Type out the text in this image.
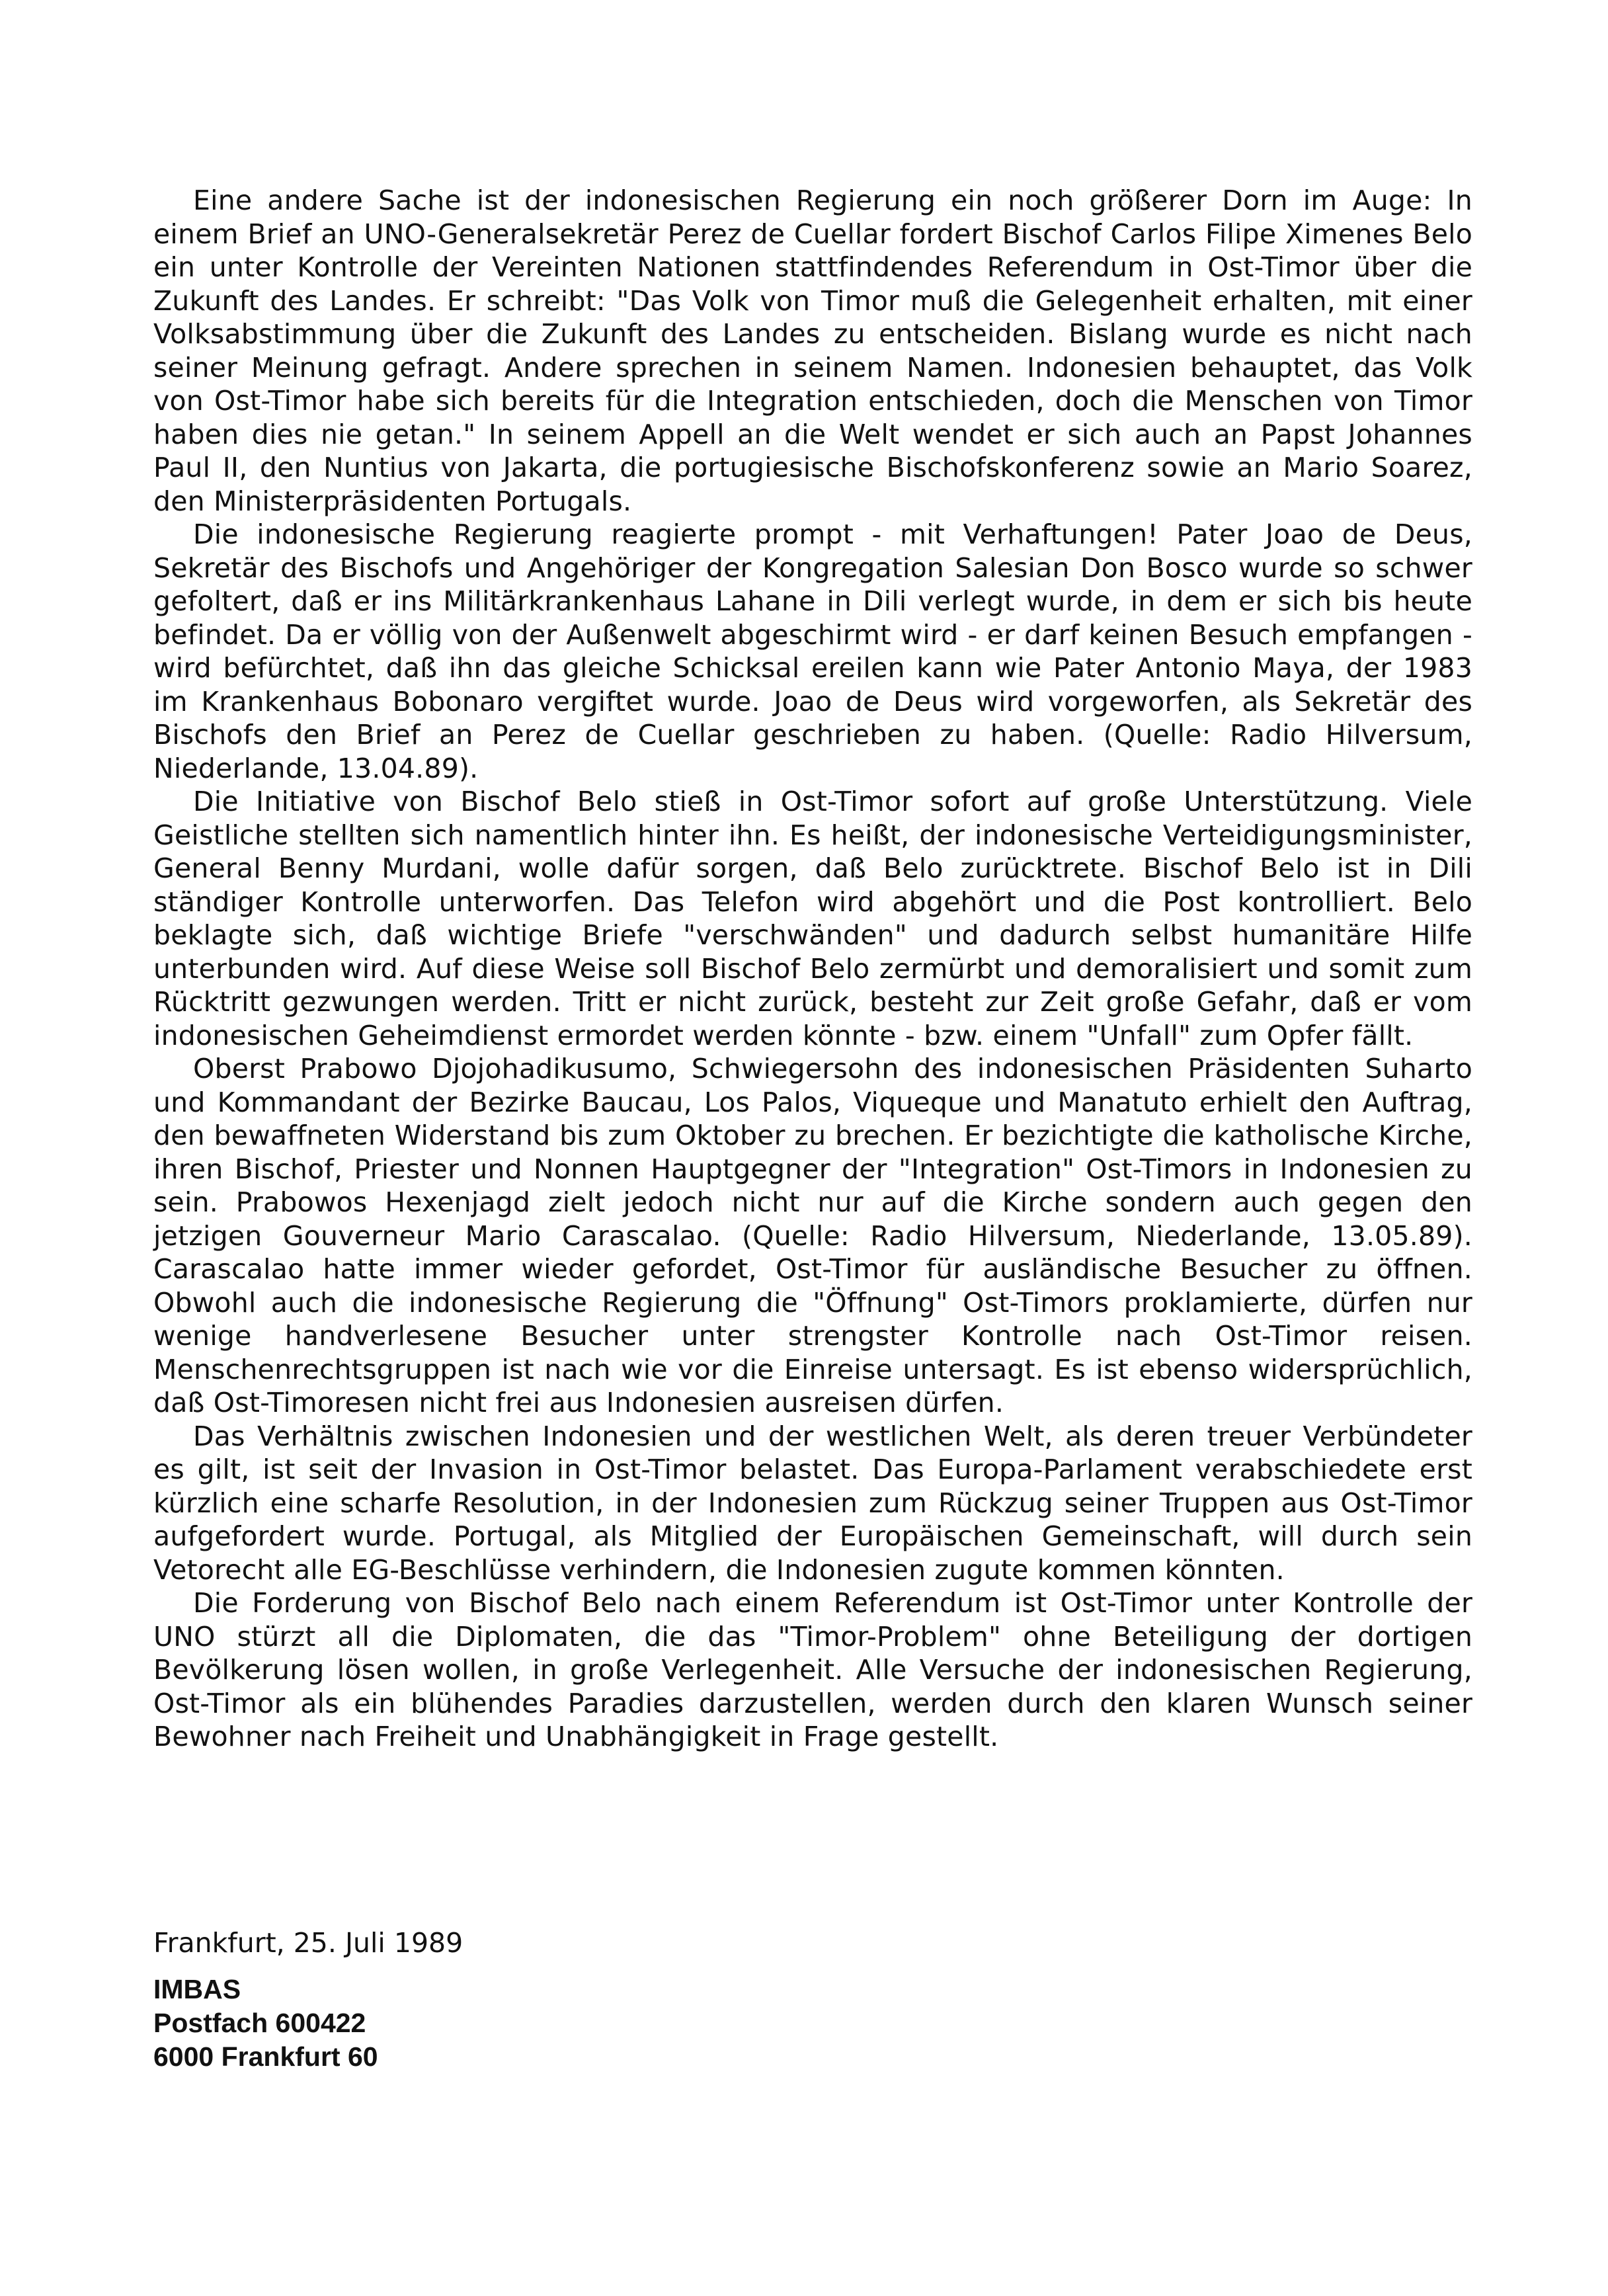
Eine andere Sache ist der indonesischen Regierung ein noch größerer Dorn im Auge: In einem Brief an UNO-Generalsekretär Perez de Cuellar fordert Bischof Carlos Filipe Ximenes Belo ein unter Kontrolle der Vereinten Nationen stattfindendes Referendum in Ost-Timor über die Zukunft des Landes. Er schreibt: "Das Volk von Timor muß die Gelegenheit erhalten, mit einer Volksabstimmung über die Zukunft des Landes zu entscheiden. Bislang wurde es nicht nach seiner Meinung gefragt. Andere sprechen in seinem Namen. Indonesien behauptet, das Volk von Ost-Timor habe sich bereits für die Integration entschieden, doch die Menschen von Timor haben dies nie getan." In seinem Appell an die Welt wendet er sich auch an Papst Johannes Paul II, den Nuntius von Jakarta, die portugiesische Bischofskonferenz sowie an Mario Soarez, den Ministerpräsidenten Portugals.

Die indonesische Regierung reagierte prompt - mit Verhaftungen! Pater Joao de Deus, Sekretär des Bischofs und Angehöriger der Kongregation Salesian Don Bosco wurde so schwer gefoltert, daß er ins Militärkrankenhaus Lahane in Dili verlegt wurde, in dem er sich bis heute befindet. Da er völlig von der Außenwelt abgeschirmt wird - er darf keinen Besuch empfangen - wird befürchtet, daß ihn das gleiche Schicksal ereilen kann wie Pater Antonio Maya, der 1983 im Krankenhaus Bobonaro vergiftet wurde. Joao de Deus wird vorgeworfen, als Sekretär des Bischofs den Brief an Perez de Cuellar geschrieben zu haben. (Quelle: Radio Hilversum, Niederlande, 13.04.89).

Die Initiative von Bischof Belo stieß in Ost-Timor sofort auf große Unterstützung. Viele Geistliche stellten sich namentlich hinter ihn. Es heißt, der indonesische Verteidigungsminister, General Benny Murdani, wolle dafür sorgen, daß Belo zurücktrete. Bischof Belo ist in Dili ständiger Kontrolle unterworfen. Das Telefon wird abgehört und die Post kontrolliert. Belo beklagte sich, daß wichtige Briefe "verschwänden" und dadurch selbst humanitäre Hilfe unterbunden wird. Auf diese Weise soll Bischof Belo zermürbt und demoralisiert und somit zum Rücktritt gezwungen werden. Tritt er nicht zurück, besteht zur Zeit große Gefahr, daß er vom indonesischen Geheimdienst ermordet werden könnte - bzw. einem "Unfall" zum Opfer fällt.

Oberst Prabowo Djojohadikusumo, Schwiegersohn des indonesischen Präsidenten Suharto und Kommandant der Bezirke Baucau, Los Palos, Viqueque und Manatuto erhielt den Auftrag, den bewaffneten Widerstand bis zum Oktober zu brechen. Er bezichtigte die katholische Kirche, ihren Bischof, Priester und Nonnen Hauptgegner der "Integration" Ost-Timors in Indonesien zu sein. Prabowos Hexenjagd zielt jedoch nicht nur auf die Kirche sondern auch gegen den jetzigen Gouverneur Mario Carascalao. (Quelle: Radio Hilversum, Niederlande, 13.05.89). Carascalao hatte immer wieder gefordet, Ost-Timor für ausländische Besucher zu öffnen. Obwohl auch die indonesische Regierung die "Öffnung" Ost-Timors proklamierte, dürfen nur wenige handverlesene Besucher unter strengster Kontrolle nach Ost-Timor reisen. Menschenrechtsgruppen ist nach wie vor die Einreise untersagt. Es ist ebenso widersprüchlich, daß Ost-Timoresen nicht frei aus Indonesien ausreisen dürfen.

Das Verhältnis zwischen Indonesien und der westlichen Welt, als deren treuer Verbündeter es gilt, ist seit der Invasion in Ost-Timor belastet. Das Europa-Parlament verabschiedete erst kürzlich eine scharfe Resolution, in der Indonesien zum Rückzug seiner Truppen aus Ost-Timor aufgefordert wurde. Portugal, als Mitglied der Europäischen Gemeinschaft, will durch sein Vetorecht alle EG-Beschlüsse verhindern, die Indonesien zugute kommen könnten.

Die Forderung von Bischof Belo nach einem Referendum ist Ost-Timor unter Kontrolle der UNO stürzt all die Diplomaten, die das "Timor-Problem" ohne Beteiligung der dortigen Bevölkerung lösen wollen, in große Verlegenheit. Alle Versuche der indonesischen Regierung, Ost-Timor als ein blühendes Paradies darzustellen, werden durch den klaren Wunsch seiner Bewohner nach Freiheit und Unabhängigkeit in Frage gestellt.

Frankfurt, 25. Juli 1989
IMBAS
Postfach 600422
6000 Frankfurt 60
